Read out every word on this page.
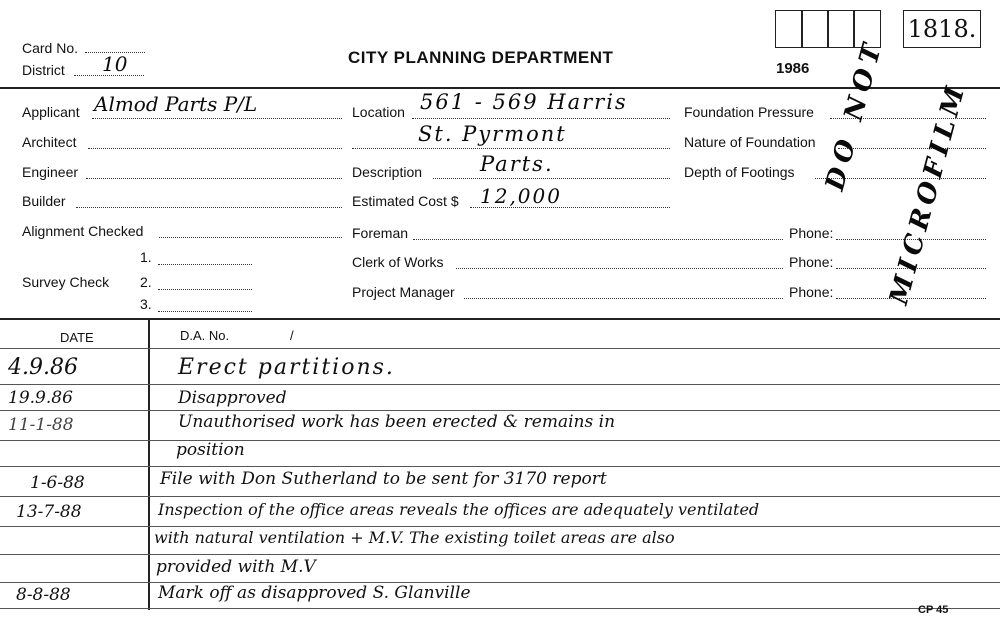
Card No.
District 10	CITY PLANNING DEPARTMENT
1986
1818.
Applicant Almod Parts P/L
Architect
Engineer
Builder
Alignment Checked
Survey Check
1.
2.
3.
Location 561 - 569 Harris
St. Pyrmont
Description	Parts.
Estimated Cost $ 12,000
Foreman
Clerk of Works
Project Manager
Phone:
Phone:
Phone:
Foundation Pressure
Nature of Foundation
Depth of Footings DO NOT
MICROFILM
DATE	D.A. No.	/
4.9.86	Erect partitions.
19.9.86	Disapproved
11-1-88	Unauthorised work has been erected & remains in
position
1-6-88	File with Don Sutherland to be sent for 3170 report
13-7-88	Inspection of the office areas reveals the offices are adequately ventilated
with natural ventilation + M.V. The existing toilet areas are also
provided with M.V
8-8-88	Mark off as disapproved S. Glanville
CP 45
